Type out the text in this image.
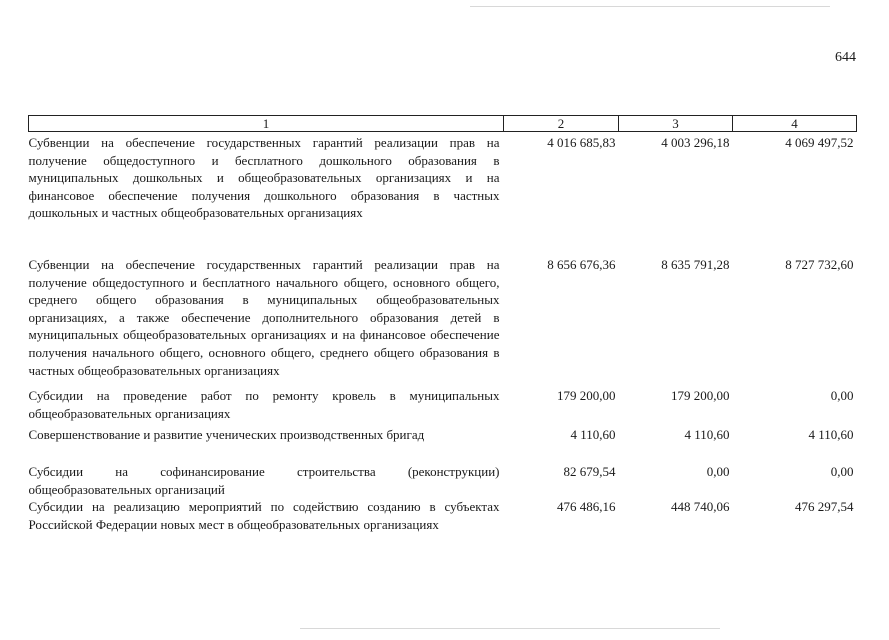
644
1	2	3	4
Субвенции на обеспечение государственных гарантий реализации прав на получение общедоступного и бесплатного дошкольного образования в муниципальных дошкольных и общеобразовательных организациях и на финансовое обеспечение получения дошкольного образования в частных дошкольных и частных общеобразовательных организациях	4 016 685,83	4 003 296,18	4 069 497,52
Субвенции на обеспечение государственных гарантий реализации прав на получение общедоступного и бесплатного начального общего, основного общего, среднего общего образования в муниципальных общеобразовательных организациях, а также обеспечение дополнительного образования детей в муниципальных общеобразовательных организациях и на финансовое обеспечение получения начального общего, основного общего, среднего общего образования в частных общеобразовательных организациях	8 656 676,36	8 635 791,28	8 727 732,60
Субсидии на проведение работ по ремонту кровель в муниципальных общеобразовательных организациях	179 200,00	179 200,00	0,00
Совершенствование и развитие ученических производственных бригад	4 110,60	4 110,60	4 110,60
Субсидии на софинансирование строительства (реконструкции) общеобразовательных организаций	82 679,54	0,00	0,00
Субсидии на реализацию мероприятий по содействию созданию в субъектах Российской Федерации новых мест в общеобразовательных организациях	476 486,16	448 740,06	476 297,54
